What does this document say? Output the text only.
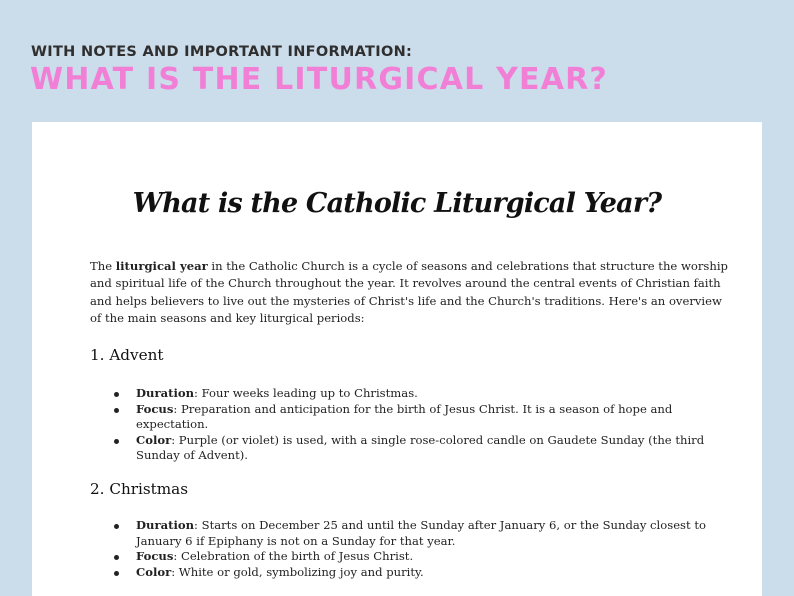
WITH NOTES AND IMPORTANT INFORMATION:
WHAT IS THE LITURGICAL YEAR?
What is the Catholic Liturgical Year?

The liturgical year in the Catholic Church is a cycle of seasons and celebrations that structure the worship and spiritual life of the Church throughout the year. It revolves around the central events of Christian faith and helps believers to live out the mysteries of Christ's life and the Church's traditions. Here's an overview of the main seasons and key liturgical periods:

1. Advent
Duration: Four weeks leading up to Christmas.
Focus: Preparation and anticipation for the birth of Jesus Christ. It is a season of hope and expectation.
Color: Purple (or violet) is used, with a single rose-colored candle on Gaudete Sunday (the third Sunday of Advent).
2. Christmas
Duration: Starts on December 25 and until the Sunday after January 6, or the Sunday closest to January 6 if Epiphany is not on a Sunday for that year.
Focus: Celebration of the birth of Jesus Christ.
Color: White or gold, symbolizing joy and purity.
